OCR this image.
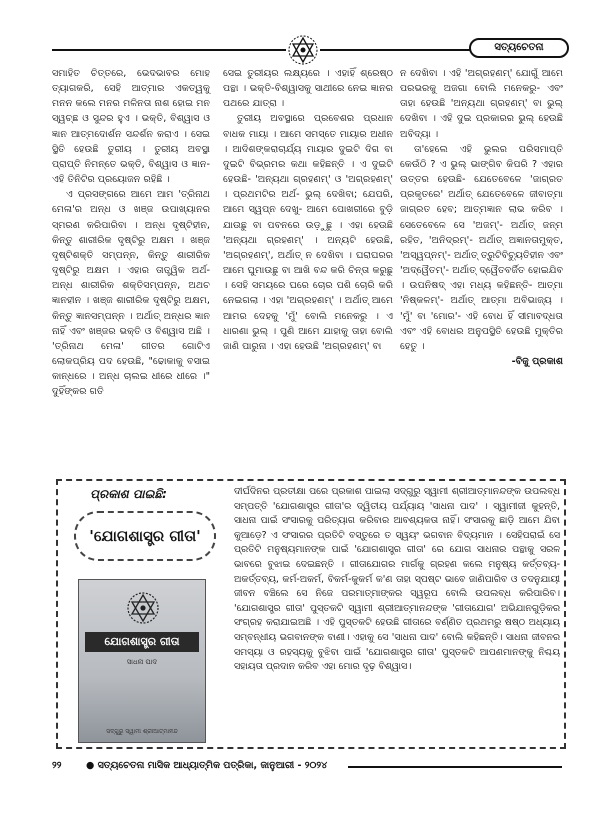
ସତ୍ୟଚେତନା

ସମାହିତ ଚିତ୍ତରେ, ଭେଦଭାବର ମୋହ ତ୍ୟାଗକରି, ସେହି ଆତ୍ମାର ଏକତ୍ୱକୁ ମନନ କଲେ ମନର ମଳିନତା ନାଶ ହୋଇ ମନ ସ୍ୱଚ୍ଛ ଓ ସୁନ୍ଦର ହୁଏ । ଭକ୍ତି, ବିଶ୍ୱାସ ଓ ଜ୍ଞାନ ଆତ୍ମଦୋର୍ଶନ ସନ୍ଦର୍ଶନ କରାଏ । ସେଇ ସ୍ଥିତି ହେଉଛି ତୁରୀୟ । ତୁରୀୟ ଅବସ୍ଥା ପ୍ରାପ୍ତି ନିମନ୍ତେ ଭକ୍ତି, ବିଶ୍ୱାସ ଓ ଜ୍ଞାନ- ଏହି ତିନିଟିର ପ୍ରୟୋଜନ ରହିଛି ।

ଏ ପ୍ରସଙ୍ଗରେ ଆମେ ଆମ 'ତ୍ରିନାଥ ମେଳା'ର ଅନ୍ଧ ଓ ଖଞ୍ଜ ଉପାଖ୍ୟାନର ସ୍ମରଣ କରିପାରିବା । ଅନ୍ଧ ଦୃଷ୍ଟିହୀନ, କିନ୍ତୁ ଶାରୀରିକ ଦୃଷ୍ଟିରୁ ଅକ୍ଷମ । ଖଞ୍ଜ ଦୃଷ୍ଟିଶକ୍ତି ସମ୍ପନ୍ନ, କିନ୍ତୁ ଶାରୀରିକ ଦୃଷ୍ଟିରୁ ଅକ୍ଷମ । ଏହାର ତାତ୍ତ୍ୱିକ ଅର୍ଥ- ଅନ୍ଧ ଶାରୀରିକ ଶକ୍ତିସମ୍ପନ୍ନ, ଅଥଚ ଜ୍ଞାନହୀନ । ଖଞ୍ଜ ଶାରୀରିକ ଦୃଷ୍ଟିରୁ ଅକ୍ଷମ, କିନ୍ତୁ ଜ୍ଞାନସମ୍ପନ୍ନ । ଅର୍ଥାତ୍ ଅନ୍ଧର ଜ୍ଞାନ ନାହିଁ ଏବଂ ଖଞ୍ଜର ଭକ୍ତି ଓ ବିଶ୍ୱାସ ଅଛି । 'ତ୍ରିନାଥ ମେଳା' ଗୀତର ଗୋଟିଏ ଲୋକପ୍ରିୟ ପଦ ହେଉଛି, "ଢୋକାକୁ ବସାଇ କାନ୍ଧରେ । ଅନ୍ଧ ଚାଲଇ ଧୀରେ ଧୀରେ ।" ଦୁହିଁଙ୍କର ଗତି

ସେଇ ତୁରୀୟର ଲକ୍ଷ୍ୟରେ । ଏହାହିଁ ଶ୍ରେଷ୍ଠ ପନ୍ଥା । ଭକ୍ତି-ବିଶ୍ୱାସକୁ ସାଥୀରେ ନେଇ ଜ୍ଞାନର ପଥରେ ଯାତ୍ରା ।

ତୁରୀୟ ଅବସ୍ଥାରେ ପ୍ରବେଶର ପ୍ରଧାନ ବାଧକ ମାୟା । ଆମେ ସମସ୍ତେ ମାୟାର ଅଧୀନ । ଆଦିଶଙ୍କରାଚାର୍ଯ୍ୟ ମାୟାର ଦୁଇଟି ଦିଗ ବା ଦୁଇଟି ବିଭ୍ରମର କଥା କହିଛନ୍ତି । ଏ ଦୁଇଟି ହେଉଛି- 'ଅନ୍ୟଥା ଗ୍ରହଣମ୍' ଓ 'ଅଗ୍ରହଣମ୍' । ପ୍ରଥମଟିର ଅର୍ଥ- ଭୁଲ୍ ଦେଖିବା; ଯେପରି, ଆମେ ସ୍ୱପ୍ନ ଦେଖୁ- ଆମେ ପୋଖରୀରେ ବୁଡ଼ି ଯାଉଛୁ ବା ପବନରେ ଉଡ଼ୁଛୁ । ଏହା ହେଉଛି 'ଅନ୍ୟଥା ଗ୍ରହଣମ୍' । ଅନ୍ୟଟି ହେଉଛି, 'ଅଗ୍ରହଣମ୍', ଅର୍ଥାତ୍ ନ ଦେଖିବା । ଘରାଘରର ଆମେ ଘୁମାଉଛୁ ବା ଆଖି ବନ୍ଦ କରି ଚିନ୍ତା କରୁଛୁ । ସେହି ସମୟରେ ଘରେ ଚୋର ପଶି ଚୋରି କରି ନେଇଗଲା । ଏହା 'ଅଗ୍ରହଣମ୍' । ଅର୍ଥାତ୍ ଆମେ ଆମର ଦେହକୁ 'ମୁଁ' ବୋଲି ମନେକରୁ । ଏ ଧାରଣା ଭୁଲ୍ । ପୁଣି ଆମେ ଯାହାକୁ ତାହା ବୋଲି ଜାଣି ପାରୁନା । ଏହା ହେଉଛି 'ଅଗ୍ରହଣମ୍' ବା

ନ ଦେଖିବା । ଏହି 'ଅଗ୍ରହଣମ୍' ଯୋଗୁଁ ଆମେ ପରଭରକୁ ଅଜଗା ବୋଲି ମନେକରୁ- ଏବଂ ତାହା ହେଉଛି 'ଅନ୍ୟଥା ଗ୍ରହଣମ୍' ବା ଭୁଲ୍ ଦେଖିବା । ଏହି ଦୁଇ ପ୍ରକାରର ଭୁଲ୍ ହେଉଛି ଅବିଦ୍ୟା ।

ତା'ହେଲେ ଏହି ଭୁଲର ପରିସମାପ୍ତି କେଉଁଠି ? ଏ ଭୁଲ୍ ଭାଙ୍ଗିବ କିପରି ? ଏହାର ଉତ୍ତର ହେଉଛି- ଯେତେବେଳେ 'ଜାଗ୍ରତ ପ୍ରକୃତରେ' ଅର୍ଥାତ୍ ଯେତେବେଳେ ଜୀବାତ୍ମା ଜାଗ୍ରତ ହେବ; ଆତ୍ମଜ୍ଞାନ ଲାଭ କରିବ । ସେତେବେଳେ ସେ 'ଅଜମ୍'- ଅର୍ଥାତ୍ ଜନ୍ମ ରହିତ, 'ଅନିଦ୍ରମ୍'- ଅର୍ଥାତ୍ ଅଜ୍ଞାନତାମୁକ୍ତ, 'ଅସ୍ୱପ୍ନମ୍'- ଅର୍ଥାତ୍ ତ୍ରୁଟିବିଚ୍ୟୁତିହୀନ ଏବଂ 'ଅଦ୍ୱୈତମ୍'- ଅର୍ଥାତ୍ ଦ୍ୱୈତବର୍ଜିତ ହୋଇଯିବ । ଉପନିଷଦ୍ ଏହା ମଧ୍ୟ କହିଛନ୍ତି- ଆତ୍ମା 'ନିଷ୍କଳମ୍'- ଅର୍ଥାତ୍ ଆତ୍ମା ଅବିଭାଜ୍ୟ । 'ମୁଁ' ବା 'ମୋର'- ଏହି ବୋଧ ହିଁ ସୀମାବଦ୍ଧତା ଏବଂ ଏହି ବୋଧର ଅନୁପସ୍ଥିତି ହେଉଛି ମୁକ୍ତିର ହେତୁ ।

-ବିଜୁ ପ୍ରକାଶ

ପ୍ରକାଶ ପାଇଛି:
'ଯୋଗଶାସ୍ତ୍ର ଗୀତା'
ଯୋଗଶାସ୍ତ୍ର ଗୀତା
ସାଧନା ପାଦ
ସଦ୍‌ଗୁରୁ ସ୍ୱାମୀ ଶ୍ରୀଆତ୍ମାନନ୍ଦ
ଦୀର୍ଘଦିନର ପ୍ରତୀକ୍ଷା ପରେ ପ୍ରକାଶ ପାଇଲା ସଦ୍‌ଗୁରୁ ସ୍ୱାମୀ ଶ୍ରୀଆତ୍ମାନନ୍ଦଙ୍କ ଉପଲବ୍ଧ ସମ୍ପତ୍ତି 'ଯୋଗଶାସ୍ତ୍ର ଗୀତା'ର ଦ୍ୱିତୀୟ ପର୍ଯ୍ୟାୟ 'ସାଧନା ପାଦ' । ସ୍ୱାମୀଜୀ କୁହନ୍ତି, ସାଧନା ପାଇଁ ସଂସାରକୁ ପରିତ୍ୟାଗ କରିବାର ଆବଶ୍ୟକତା ନାହିଁ। ସଂସାରକୁ ଛାଡ଼ି ଆମେ ଯିବା କୁଆଡ଼େ? ଏ ସଂସାରର ପ୍ରତିଟି ବସ୍ତୁରେ ତ ସ୍ୱୟଂ ଭଗବାନ ବିଦ୍ୟମାନ । ସେହିପରାଇଁ ସେ ପ୍ରତିଟି ମନୁଷ୍ୟମାନଙ୍କ ପାଇଁ 'ଯୋଗଶାସ୍ତ୍ର ଗୀତା' ରେ ଯୋଗ ସାଧନାର ପନ୍ଥାକୁ ସରଳ ଭାବରେ ବୁଝାଇ ଦେଇଛନ୍ତି । ଗୀତାଯୋଗର ମାର୍ଗକୁ ଗ୍ରହଣ କଲେ ମନୁଷ୍ୟ କର୍ତ୍ତବ୍ୟ-ଅକର୍ତ୍ତବ୍ୟ, କର୍ମ-ଅକର୍ମ, ବିକର୍ମ-କୁକର୍ମ କ'ଣ ତାହା ସ୍ପଷ୍ଟ ଭାବେ ଜାଣିପାରିବ ଓ ତଦନୁଯାୟୀ ଜୀବନ ବଞ୍ଚିଲେ ସେ ନିଜେ ପରମାତ୍ମାଙ୍କର ସ୍ୱରୂପ ବୋଲି ଉପଲବ୍ଧ କରିପାରିବ। 'ଯୋଗଶାସ୍ତ୍ର ଗୀତା' ପୁସ୍ତକଟି ସ୍ୱାମୀ ଶ୍ରୀଆତ୍ମାନନ୍ଦଙ୍କ 'ଗୀତାଯୋଗ' ଅଭିଯାନଗୁଡ଼ିକର ସଂଗ୍ରହ କରାଯାଇଅଛି । ଏହି ପୁସ୍ତକଟି ହେଉଛି ଗୀତାରେ ବର୍ଣ୍ଣିତ ପ୍ରଥମରୁ ଷଷ୍ଠ ଅଧ୍ୟାୟ ସମ୍ବନ୍ଧୀୟ ଭଗବାନଙ୍କ ବାଣୀ। ଏହାକୁ ସେ 'ସାଧନା ପାଦ' ବୋଲି କହିଛନ୍ତି। ସାଧନା ଜୀବନର ସମସ୍ୟା ଓ ରହସ୍ୟକୁ ବୁଝିବା ପାଇଁ 'ଯୋଗଶାସ୍ତ୍ର ଗୀତା' ପୁସ୍ତକଟି ଆପଣମାନଙ୍କୁ ନିଶ୍ଚୟ ସହାୟତା ପ୍ରଦାନ କରିବ ଏହା ମୋର ଦୃଢ଼ ବିଶ୍ୱାସ।
୨୨	● ସତ୍ୟଚେତନା ମାସିକ ଆଧ୍ୟାତ୍ମିକ ପତ୍ରିକା, ଜାନୁଆରୀ - ୨୦୨୪
